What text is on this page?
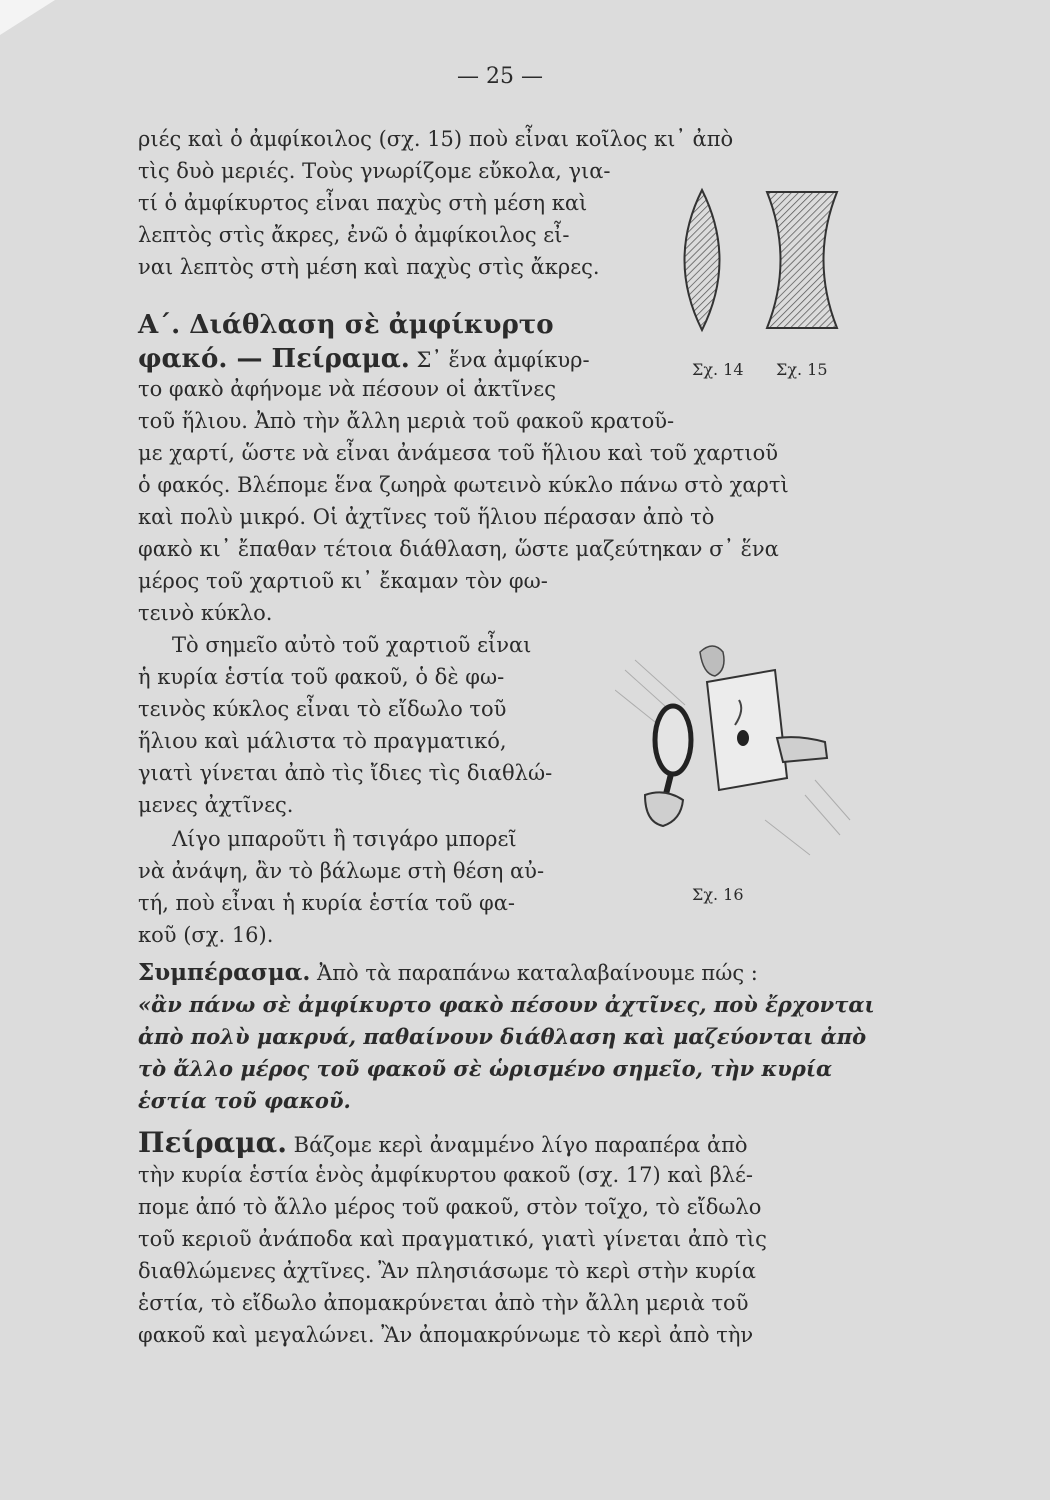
— 25 —
ριές καὶ ὁ ἀμφίκοιλος (σχ. 15) ποὺ εἶναι κοῖλος κι᾽ ἀπὸ
τὶς δυὸ μεριές. Τοὺς γνωρίζομε εὔκολα, για-
τί ὁ ἀμφίκυρτος εἶναι παχὺς στὴ μέση καὶ
λεπτὸς στὶς ἄκρες, ἐνῶ ὁ ἀμφίκοιλος εἶ-
ναι λεπτὸς στὴ μέση καὶ παχὺς στὶς ἄκρες.
Α΄. Διάθλαση σὲ ἀμφίκυρτο
φακό. — Πείραμα. Σ᾽ ἕνα ἀμφίκυρ-	Σχ. 14 Σχ. 15
το φακὸ ἀφήνομε νὰ πέσουν οἱ ἀκτῖνες
τοῦ ἥλιου. Ἀπὸ τὴν ἄλλη μεριὰ τοῦ φακοῦ κρατοῦ-
με χαρτί, ὥστε νὰ εἶναι ἀνάμεσα τοῦ ἥλιου καὶ τοῦ χαρτιοῦ
ὁ φακός. Βλέπομε ἕνα ζωηρὰ φωτεινὸ κύκλο πάνω στὸ χαρτὶ
καὶ πολὺ μικρό. Οἱ ἀχτῖνες τοῦ ἥλιου πέρασαν ἀπὸ τὸ
φακὸ κι᾽ ἔπαθαν τέτοια διάθλαση, ὥστε μαζεύτηκαν σ᾽ ἕνα
μέρος τοῦ χαρτιοῦ κι᾽ ἔκαμαν τὸν φω-
τεινὸ κύκλο.
Τὸ σημεῖο αὐτὸ τοῦ χαρτιοῦ εἶναι
ἡ κυρία ἑστία τοῦ φακοῦ, ὁ δὲ φω-
τεινὸς κύκλος εἶναι τὸ εἴδωλο τοῦ
ἥλιου καὶ μάλιστα τὸ πραγματικό,
γιατὶ γίνεται ἀπὸ τὶς ἴδιες τὶς διαθλώ-
μενες ἀχτῖνες.
Σχ. 16
Λίγο μπαροῦτι ἢ τσιγάρο μπορεῖ
νὰ ἀνάψη, ἂν τὸ βάλωμε στὴ θέση αὐ-
τή, ποὺ εἶναι ἡ κυρία ἑστία τοῦ φα-
κοῦ (σχ. 16).
Συμπέρασμα. Ἀπὸ τὰ παραπάνω καταλαβαίνουμε πώς :
«ἂν πάνω σὲ ἀμφίκυρτο φακὸ πέσουν ἀχτῖνες, ποὺ ἔρχονται
ἀπὸ πολὺ μακρυά, παθαίνουν διάθλαση καὶ μαζεύονται ἀπὸ
τὸ ἄλλο μέρος τοῦ φακοῦ σὲ ὡρισμένο σημεῖο, τὴν κυρία
ἑστία τοῦ φακοῦ.
Πείραμα. Βάζομε κερὶ ἀναμμένο λίγο παραπέρα ἀπὸ
τὴν κυρία ἑστία ἑνὸς ἀμφίκυρτου φακοῦ (σχ. 17) καὶ βλέ-
πομε ἀπό τὸ ἄλλο μέρος τοῦ φακοῦ, στὸν τοῖχο, τὸ εἴδωλο
τοῦ κεριοῦ ἀνάποδα καὶ πραγματικό, γιατὶ γίνεται ἀπὸ τὶς
διαθλώμενες ἀχτῖνες. Ἂν πλησιάσωμε τὸ κερὶ στὴν κυρία
ἑστία, τὸ εἴδωλο ἀπομακρύνεται ἀπὸ τὴν ἄλλη μεριὰ τοῦ
φακοῦ καὶ μεγαλώνει. Ἂν ἀπομακρύνωμε τὸ κερὶ ἀπὸ τὴν
